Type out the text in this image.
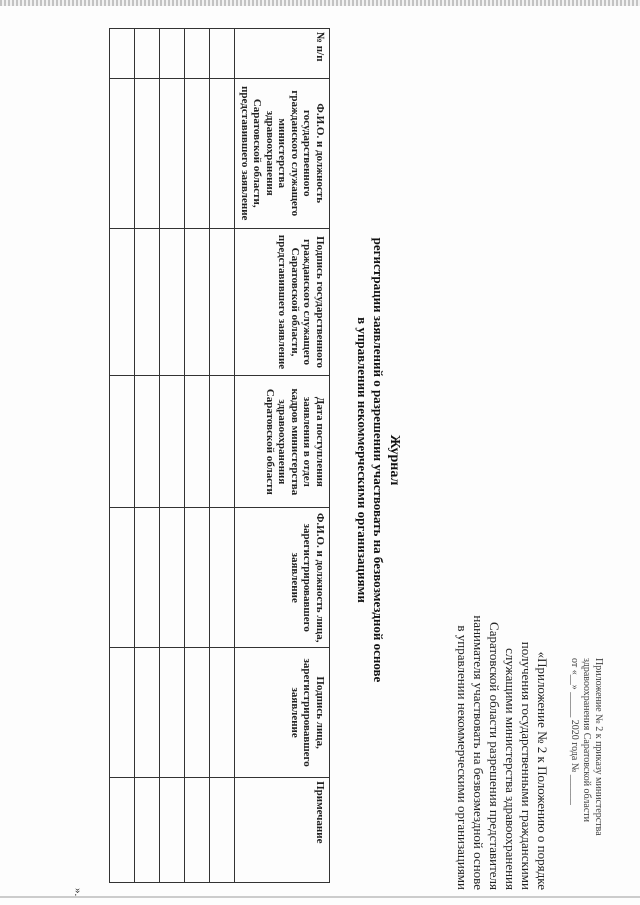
Приложение № 2 к приказу министерства
здравоохранения Саратовской области
от «__» _____ 2020 года № ______
«Приложение № 2 к Положению о порядке
получения государственными гражданскими
служащими министерства здравоохранения
Саратовской области разрешения представителя
нанимателя участвовать на безвозмездной основе
в управлении некоммерческими организациями
Журнал
регистрации заявлений о разрешении участвовать на безвозмездной основе
в управлении некоммерческими организациями
№ п/п	Ф.И.О. и должность государственного гражданского служащего министерства здравоохранения Саратовской области, представившего заявление	Подпись государственного гражданского служащего Саратовской области, представившего заявление	Дата поступления заявления в отдел кадров министерства здравоохранения Саратовской области	Ф.И.О. и должность лица, зарегистрировавшего заявление	Подпись лица, зарегистрировавшего заявление	Примечание

».
